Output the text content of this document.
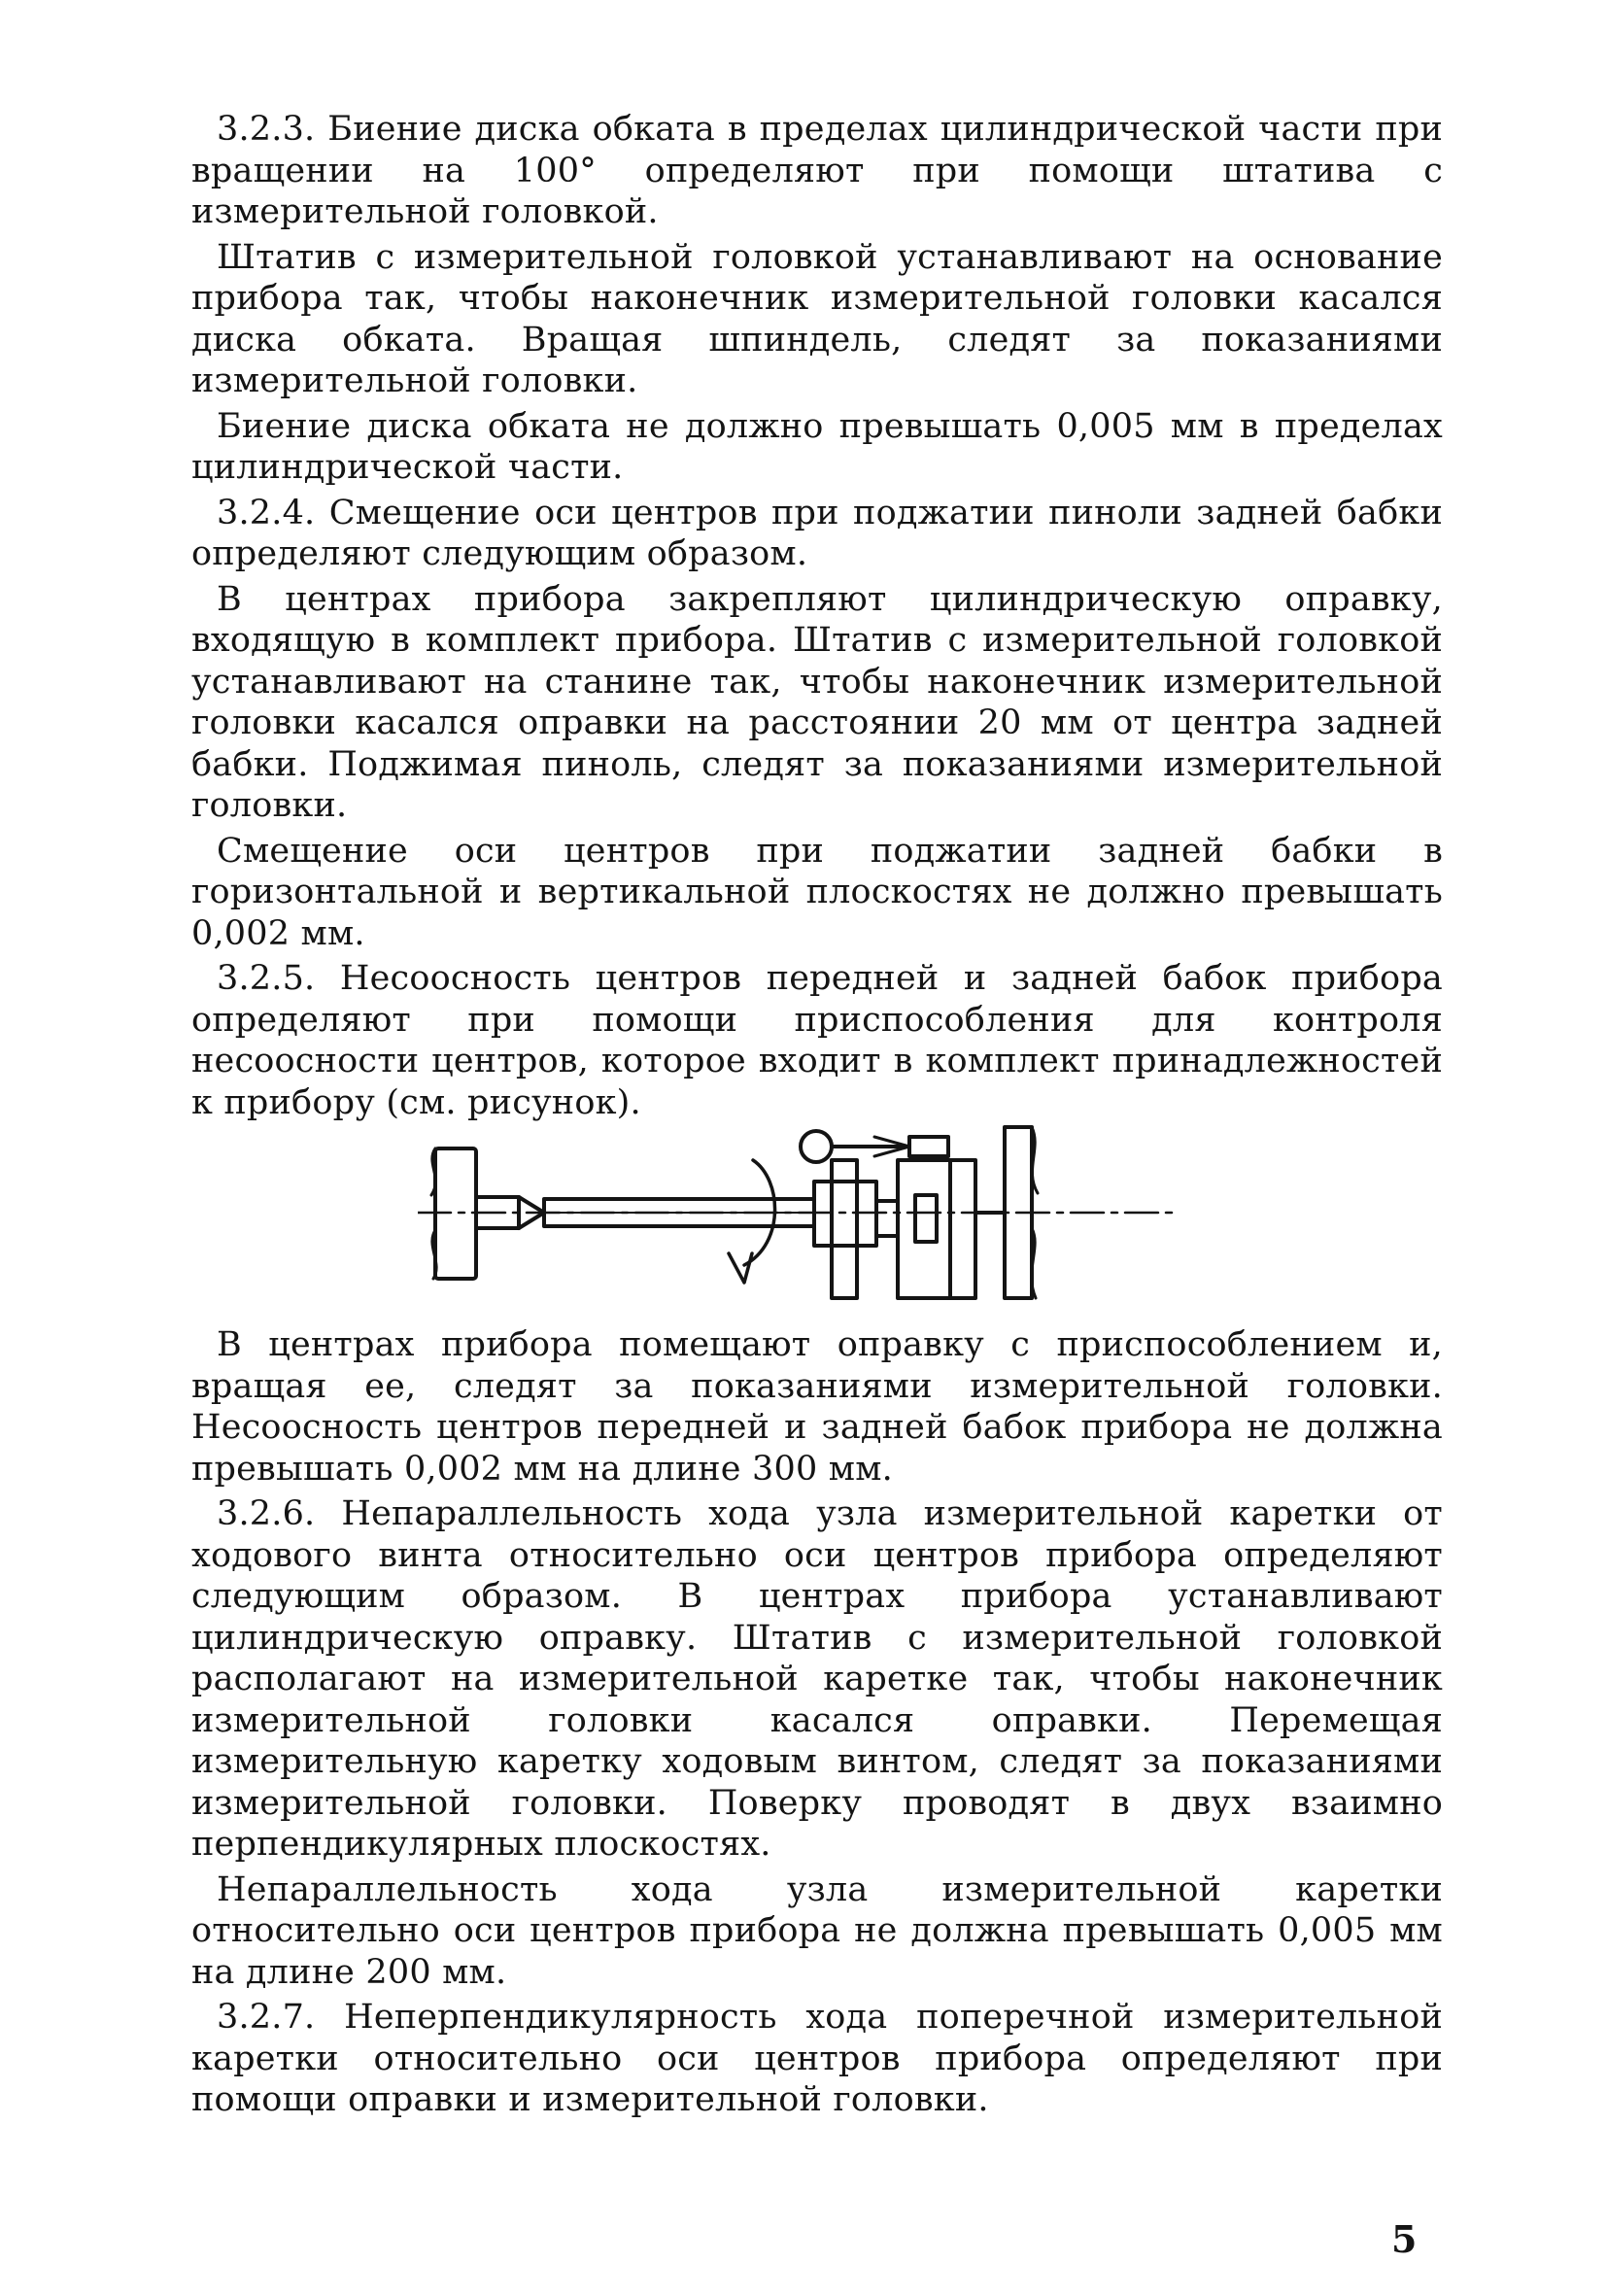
3.2.3. Биение диска обката в пределах цилиндрической части при вращении на 100° определяют при помощи штатива с измерительной головкой.

Штатив с измерительной головкой устанавливают на основание прибора так, чтобы наконечник измерительной головки касался диска обката. Вращая шпиндель, следят за показаниями измерительной головки.

Биение диска обката не должно превышать 0,005 мм в пределах цилиндрической части.

3.2.4. Смещение оси центров при поджатии пиноли задней бабки определяют следующим образом.

В центрах прибора закрепляют цилиндрическую оправку, входящую в комплект прибора. Штатив с измерительной головкой устанавливают на станине так, чтобы наконечник измерительной головки касался оправки на расстоянии 20 мм от центра задней бабки. Поджимая пиноль, следят за показаниями измерительной головки.

Смещение оси центров при поджатии задней бабки в горизонтальной и вертикальной плоскостях не должно превышать 0,002 мм.

3.2.5. Несоосность центров передней и задней бабок прибора определяют при помощи приспособления для контроля несоосности центров, которое входит в комплект принадлежностей к прибору (см. рисунок).

В центрах прибора помещают оправку с приспособлением и, вращая ее, следят за показаниями измерительной головки. Несоосность центров передней и задней бабок прибора не должна превышать 0,002 мм на длине 300 мм.

3.2.6. Непараллельность хода узла измерительной каретки от ходового винта относительно оси центров прибора определяют следующим образом. В центрах прибора устанавливают цилиндрическую оправку. Штатив с измерительной головкой располагают на измерительной каретке так, чтобы наконечник измерительной головки касался оправки. Перемещая измерительную каретку ходовым винтом, следят за показаниями измерительной головки. Поверку проводят в двух взаимно перпендикулярных плоскостях.

Непараллельность хода узла измерительной каретки относительно оси центров прибора не должна превышать 0,005 мм на длине 200 мм.

3.2.7. Неперпендикулярность хода поперечной измерительной каретки относительно оси центров прибора определяют при помощи оправки и измерительной головки.

5
